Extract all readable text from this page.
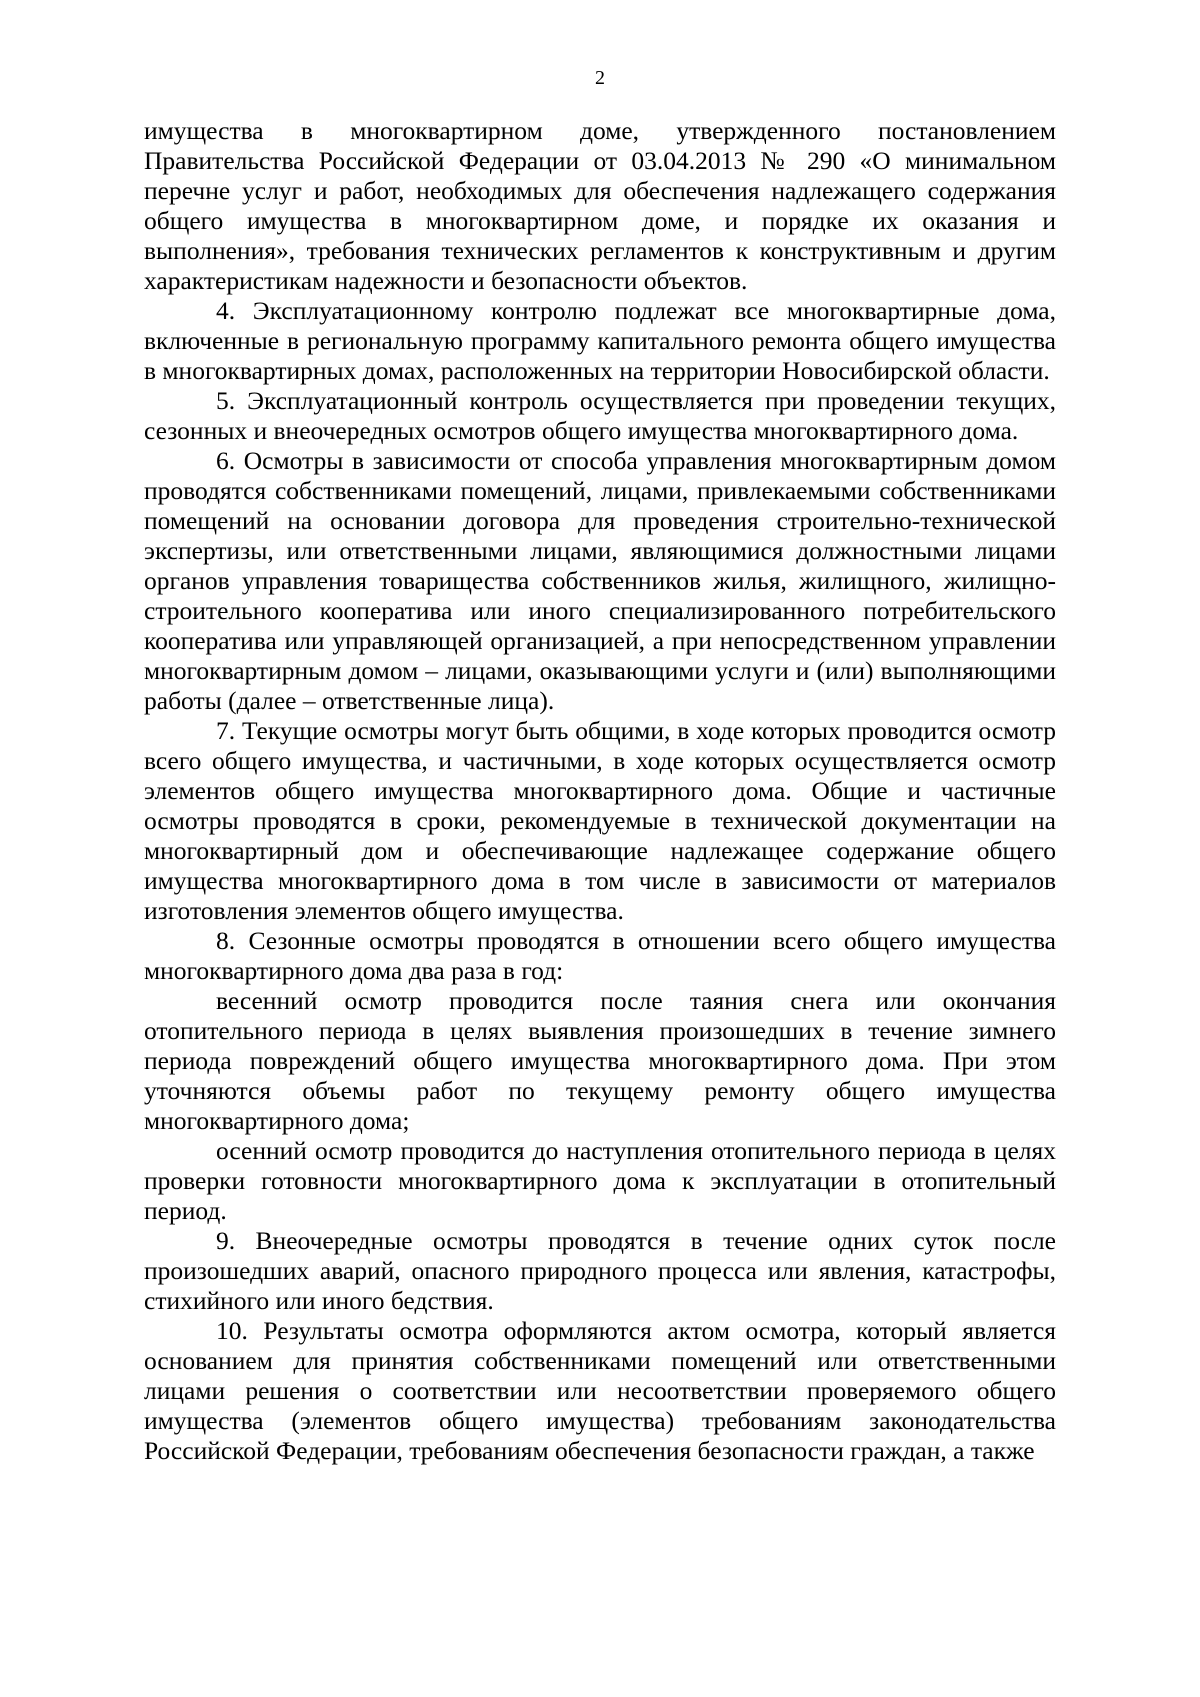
2

имущества в многоквартирном доме, утвержденного постановлением Правительства Российской Федерации от 03.04.2013 № 290 «О минимальном перечне услуг и работ, необходимых для обеспечения надлежащего содержания общего имущества в многоквартирном доме, и порядке их оказания и выполнения», требования технических регламентов к конструктивным и другим характеристикам надежности и безопасности объектов.

4. Эксплуатационному контролю подлежат все многоквартирные дома, включенные в региональную программу капитального ремонта общего имущества в многоквартирных домах, расположенных на территории Новосибирской области.

5. Эксплуатационный контроль осуществляется при проведении текущих, сезонных и внеочередных осмотров общего имущества многоквартирного дома.

6. Осмотры в зависимости от способа управления многоквартирным домом проводятся собственниками помещений, лицами, привлекаемыми собственниками помещений на основании договора для проведения строительно-технической экспертизы, или ответственными лицами, являющимися должностными лицами органов управления товарищества собственников жилья, жилищного, жилищно-строительного кооператива или иного специализированного потребительского кооператива или управляющей организацией, а при непосредственном управлении многоквартирным домом – лицами, оказывающими услуги и (или) выполняющими работы (далее – ответственные лица).

7. Текущие осмотры могут быть общими, в ходе которых проводится осмотр всего общего имущества, и частичными, в ходе которых осуществляется осмотр элементов общего имущества многоквартирного дома. Общие и частичные осмотры проводятся в сроки, рекомендуемые в технической документации на многоквартирный дом и обеспечивающие надлежащее содержание общего имущества многоквартирного дома в том числе в зависимости от материалов изготовления элементов общего имущества.

8. Сезонные осмотры проводятся в отношении всего общего имущества многоквартирного дома два раза в год:

весенний осмотр проводится после таяния снега или окончания отопительного периода в целях выявления произошедших в течение зимнего периода повреждений общего имущества многоквартирного дома. При этом уточняются объемы работ по текущему ремонту общего имущества многоквартирного дома;

осенний осмотр проводится до наступления отопительного периода в целях проверки готовности многоквартирного дома к эксплуатации в отопительный период.

9. Внеочередные осмотры проводятся в течение одних суток после произошедших аварий, опасного природного процесса или явления, катастрофы, стихийного или иного бедствия.

10. Результаты осмотра оформляются актом осмотра, который является основанием для принятия собственниками помещений или ответственными лицами решения о соответствии или несоответствии проверяемого общего имущества (элементов общего имущества) требованиям законодательства Российской Федерации, требованиям обеспечения безопасности граждан, а также
